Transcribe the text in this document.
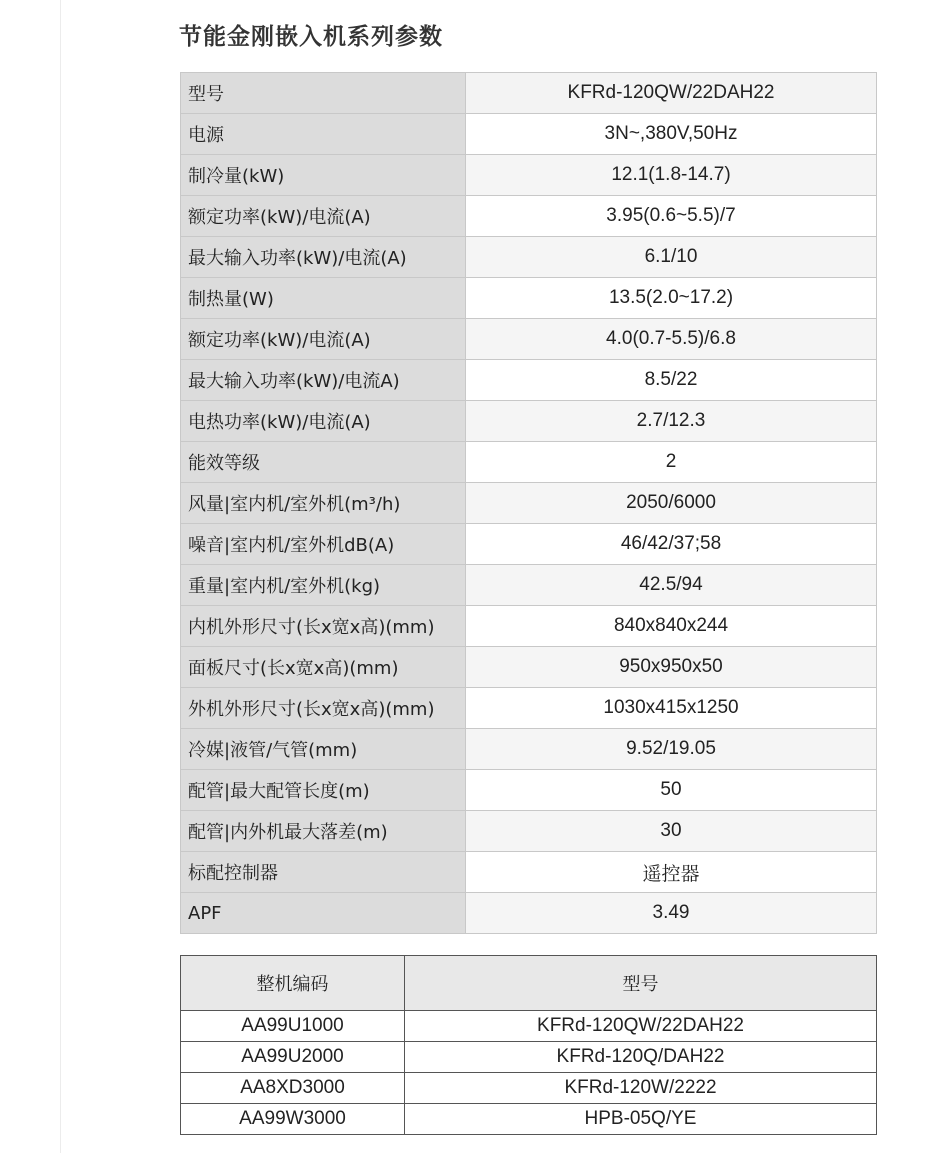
节能金刚嵌入机系列参数
型号	KFRd-120QW/22DAH22
电源	3N~,380V,50Hz
制冷量(kW)	12.1(1.8-14.7)
额定功率(kW)/电流(A)	3.95(0.6~5.5)/7
最大输入功率(kW)/电流(A)	6.1/10
制热量(W)	13.5(2.0~17.2)
额定功率(kW)/电流(A)	4.0(0.7-5.5)/6.8
最大输入功率(kW)/电流A)	8.5/22
电热功率(kW)/电流(A)	2.7/12.3
能效等级	2
风量|室内机/室外机(m³/h)	2050/6000
噪音|室内机/室外机dB(A)	46/42/37;58
重量|室内机/室外机(kg)	42.5/94
内机外形尺寸(长x宽x高)(mm)	840x840x244
面板尺寸(长x宽x高)(mm)	950x950x50
外机外形尺寸(长x宽x高)(mm)	1030x415x1250
冷媒|液管/气管(mm)	9.52/19.05
配管|最大配管长度(m)	50
配管|内外机最大落差(m)	30
标配控制器	遥控器
APF	3.49
整机编码	型号
AA99U1000	KFRd-120QW/22DAH22
AA99U2000	KFRd-120Q/DAH22
AA8XD3000	KFRd-120W/2222
AA99W3000	HPB-05Q/YE
